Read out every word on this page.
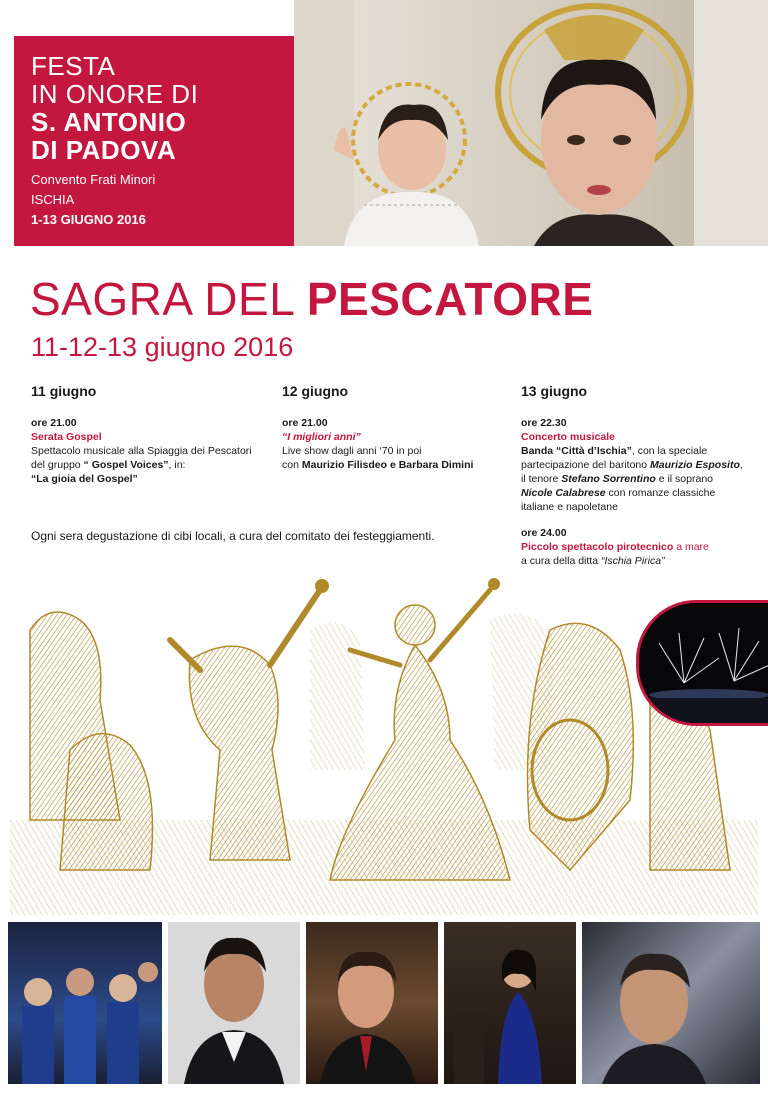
FESTA
IN ONORE DI
S. ANTONIO
DI PADOVA
Convento Frati Minori
ISCHIA
1-13 GIUGNO 2016
SAGRA DEL PESCATORE
11-12-13 giugno 2016
11 giugno
ore 21.00
Serata Gospel
Spettacolo musicale alla Spiaggia dei Pescatori
del gruppo “ Gospel Voices”, in:
“La gioia del Gospel”
12 giugno
ore 21.00
“I migliori anni”
Live show dagli anni ‘70 in poi
con Maurizio Filisdeo e Barbara Dimini
13 giugno
ore 22.30
Concerto musicale
Banda “Città d’Ischia”, con la speciale
partecipazione del baritono Maurizio Esposito,
il tenore Stefano Sorrentino e il soprano
Nicole Calabrese con romanze classiche
italiane e napoletane
ore 24.00
Piccolo spettacolo pirotecnico a mare
a cura della ditta “Ischia Pirica”
Ogni sera degustazione di cibi locali, a cura del comitato dei festeggiamenti.
